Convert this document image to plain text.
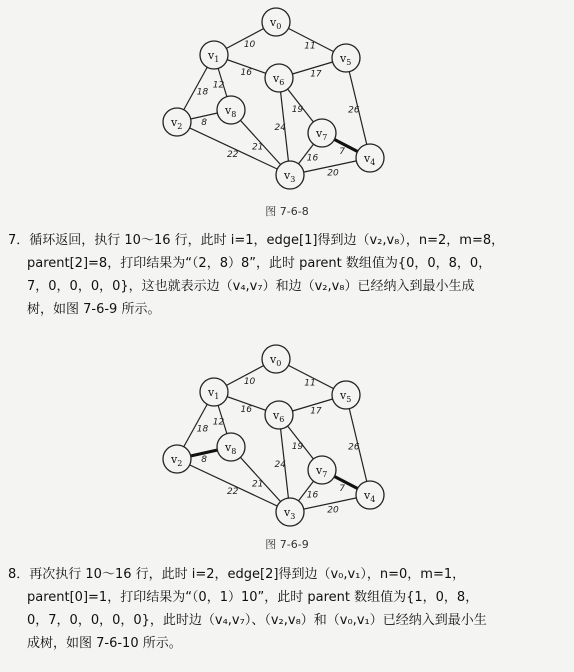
10	11
16	17
18
12
8
21
22
19
24
16
7
20
26
$v_0$
$v_1$
$v_2$
$v_3$
$v_4$
$v_5$
$v_6$
$v_7$
$v_8$
图 7-6-8
7．循环返回，执行 10～16 行，此时 i=1，edge[1]得到边（v₂,v₈），n=2，m=8，
parent[2]=8，打印结果为“（2，8）8”，此时 parent 数组值为{0，0，8，0，
7，0，0，0，0}，这也就表示边（v₄,v₇）和边（v₂,v₈）已经纳入到最小生成
树，如图 7-6-9 所示。
10	11
16	17
18
12
8
21
22
19
24
16
7
20
26
$v_0$
$v_1$
$v_2$
$v_3$
$v_4$
$v_5$
$v_6$
$v_7$
$v_8$
图 7-6-9
8．再次执行 10～16 行，此时 i=2，edge[2]得到边（v₀,v₁），n=0，m=1，
parent[0]=1，打印结果为“（0，1）10”，此时 parent 数组值为{1，0，8，
0，7，0，0，0，0}，此时边（v₄,v₇）、（v₂,v₈）和（v₀,v₁）已经纳入到最小生
成树，如图 7-6-10 所示。
